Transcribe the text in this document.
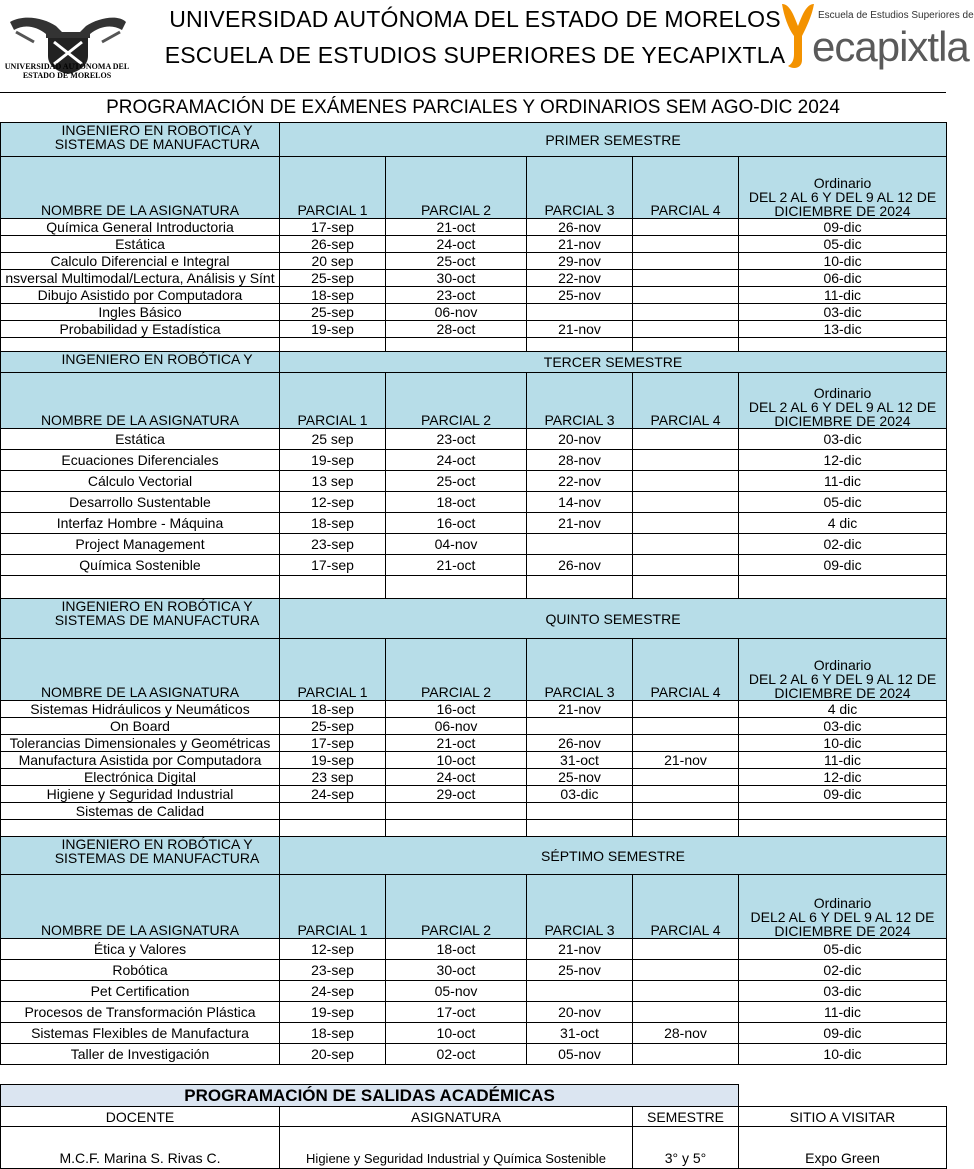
UNIVERSIDAD AUTÓNOMA DEL ESTADO DE MORELOS
UNIVERSIDAD AUTÓNOMA DEL ESTADO DE MORELOS
ESCUELA DE ESTUDIOS SUPERIORES DE YECAPIXTLA
Escuela de Estudios Superiores de
ecapixtla
PROGRAMACIÓN DE EXÁMENES PARCIALES Y ORDINARIOS SEM AGO-DIC 2024
INGENIERO EN ROBOTICA Y
SISTEMAS DE MANUFACTURA	PRIMER SEMESTRE				
NOMBRE DE LA ASIGNATURA	PARCIAL 1	PARCIAL 2	PARCIAL 3	PARCIAL 4	Ordinario
DEL 2 AL 6 Y DEL 9 AL 12 DE
DICIEMBRE DE 2024
Química General Introductoria	17-sep	21-oct	26-nov		09-dic
Estática	26-sep	24-oct	21-nov		05-dic
Calculo Diferencial e Integral	20 sep	25-oct	29-nov		10-dic
nsversal Multimodal/Lectura, Análisis y Sínt	25-sep	30-oct	22-nov		06-dic
Dibujo Asistido por Computadora	18-sep	23-oct	25-nov		11-dic
Ingles Básico	25-sep	06-nov			03-dic
Probabilidad y Estadística	19-sep	28-oct	21-nov		13-dic

INGENIERO EN ROBÓTICA Y	TERCER SEMESTRE				
NOMBRE DE LA ASIGNATURA	PARCIAL 1	PARCIAL 2	PARCIAL 3	PARCIAL 4	Ordinario
DEL 2 AL 6 Y DEL 9 AL 12 DE
DICIEMBRE DE 2024
Estática	25 sep	23-oct	20-nov		03-dic
Ecuaciones Diferenciales	19-sep	24-oct	28-nov		12-dic
Cálculo Vectorial	13 sep	25-oct	22-nov		11-dic
Desarrollo Sustentable	12-sep	18-oct	14-nov		05-dic
Interfaz Hombre - Máquina	18-sep	16-oct	21-nov		4 dic
Project Management	23-sep	04-nov			02-dic
Química Sostenible	17-sep	21-oct	26-nov		09-dic

INGENIERO EN ROBÓTICA Y
SISTEMAS DE MANUFACTURA	QUINTO SEMESTRE				
NOMBRE DE LA ASIGNATURA	PARCIAL 1	PARCIAL 2	PARCIAL 3	PARCIAL 4	Ordinario
DEL 2 AL 6 Y DEL 9 AL 12 DE
DICIEMBRE DE 2024
Sistemas Hidráulicos y Neumáticos	18-sep	16-oct	21-nov		4 dic
On Board	25-sep	06-nov			03-dic
Tolerancias Dimensionales y Geométricas	17-sep	21-oct	26-nov		10-dic
Manufactura Asistida por Computadora	19-sep	10-oct	31-oct	21-nov	11-dic
Electrónica Digital	23 sep	24-oct	25-nov		12-dic
Higiene y Seguridad Industrial	24-sep	29-oct	03-dic		09-dic
Sistemas de Calidad					

INGENIERO EN ROBÓTICA Y
SISTEMAS DE MANUFACTURA	SÉPTIMO SEMESTRE				
NOMBRE DE LA ASIGNATURA	PARCIAL 1	PARCIAL 2	PARCIAL 3	PARCIAL 4	Ordinario
DEL2 AL 6 Y DEL 9 AL 12 DE
DICIEMBRE DE 2024
Ética y Valores	12-sep	18-oct	21-nov		05-dic
Robótica	23-sep	30-oct	25-nov		02-dic
Pet Certification	24-sep	05-nov			03-dic
Procesos de Transformación Plástica	19-sep	17-oct	20-nov		11-dic
Sistemas Flexibles de Manufactura	18-sep	10-oct	31-oct	28-nov	09-dic
Taller de Investigación	20-sep	02-oct	05-nov		10-dic
PROGRAMACIÓN DE SALIDAS ACADÉMICAS			
DOCENTE	ASIGNATURA	SEMESTRE	SITIO A VISITAR
M.C.F. Marina S. Rivas C.	Higiene y Seguridad Industrial y Química Sostenible	3° y 5°	Expo Green
